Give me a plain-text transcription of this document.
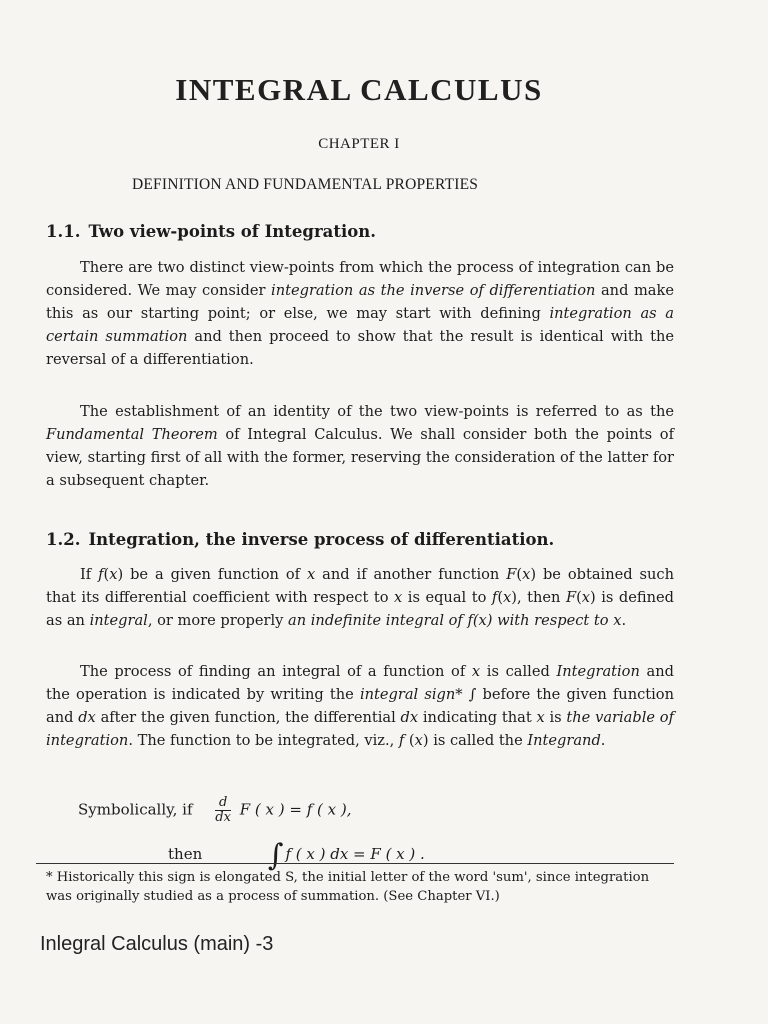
INTEGRAL CALCULUS
CHAPTER I
DEFINITION AND FUNDAMENTAL PROPERTIES
1.1. Two view-points of Integration.

There are two distinct view-points from which the process of integration can be considered. We may consider integration as the inverse of differentiation and make this as our starting point; or else, we may start with defining integration as a certain summation and then proceed to show that the result is identical with the reversal of a differentiation.

The establishment of an identity of the two view-points is referred to as the Fundamental Theorem of Integral Calculus. We shall consider both the points of view, starting first of all with the former, reserving the consideration of the latter for a subsequent chapter.

1.2. Integration, the inverse process of differentiation.

If f(x) be a given function of x and if another function F(x) be obtained such that its differential coefficient with respect to x is equal to f(x), then F(x) is defined as an integral, or more properly an indefinite integral of f(x) with respect to x.

The process of finding an integral of a function of x is called Integration and the operation is indicated by writing the integral sign* ∫ before the given function and dx after the given function, the differential dx indicating that x is the variable of integration. The function to be integrated, viz., f (x) is called the Integrand.

Symbolically, if $\frac{d}{dx}$ F ( x ) = f ( x ),
then ∫ f ( x ) dx = F ( x ) .
* Historically this sign is elongated S, the initial letter of the word 'sum', since integration was originally studied as a process of summation. (See Chapter VI.)
Inlegral Calculus (main) -3
